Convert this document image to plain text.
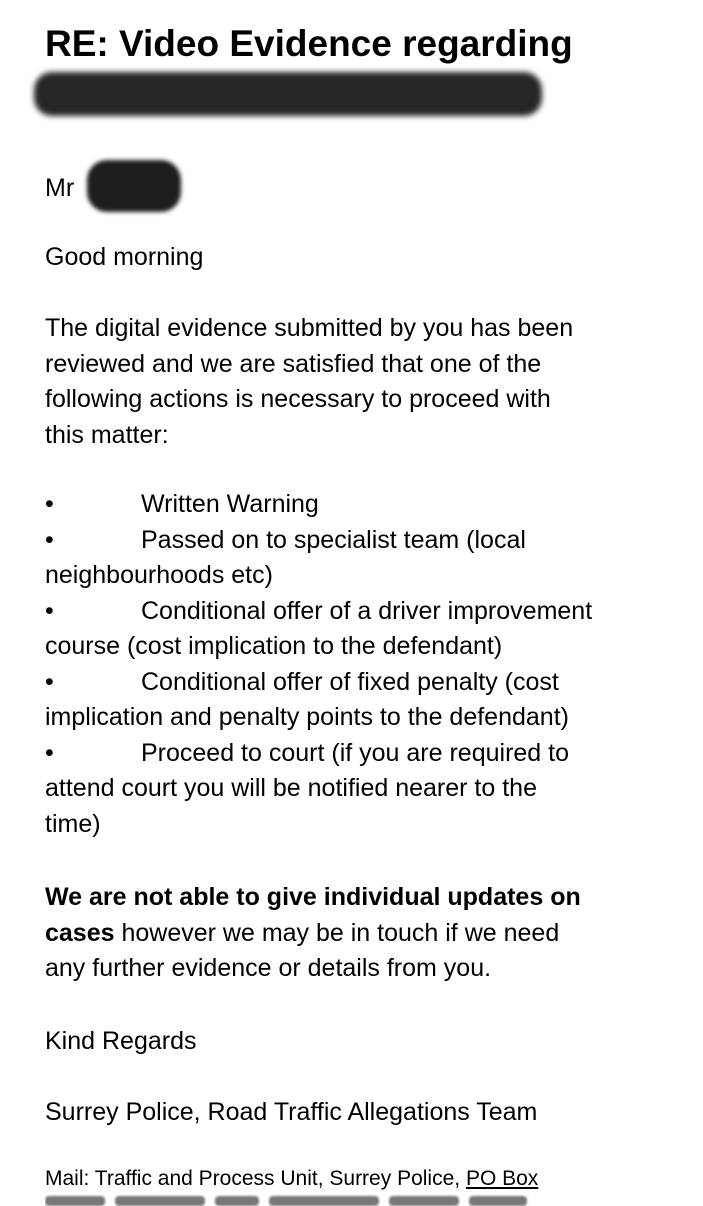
RE: Video Evidence regarding
Mr

Good morning

The digital evidence submitted by you has been
reviewed and we are satisfied that one of the
following actions is necessary to proceed with
this matter:

•	Written Warning
•	Passed on to specialist team (local
neighbourhoods etc)
•	Conditional offer of a driver improvement
course (cost implication to the defendant)
•	Conditional offer of fixed penalty (cost
implication and penalty points to the defendant)
•	Proceed to court (if you are required to
attend court you will be notified nearer to the
time)

We are not able to give individual updates on
cases however we may be in touch if we need
any further evidence or details from you.

Kind Regards

Surrey Police, Road Traffic Allegations Team

Mail: Traffic and Process Unit, Surrey Police, PO Box
